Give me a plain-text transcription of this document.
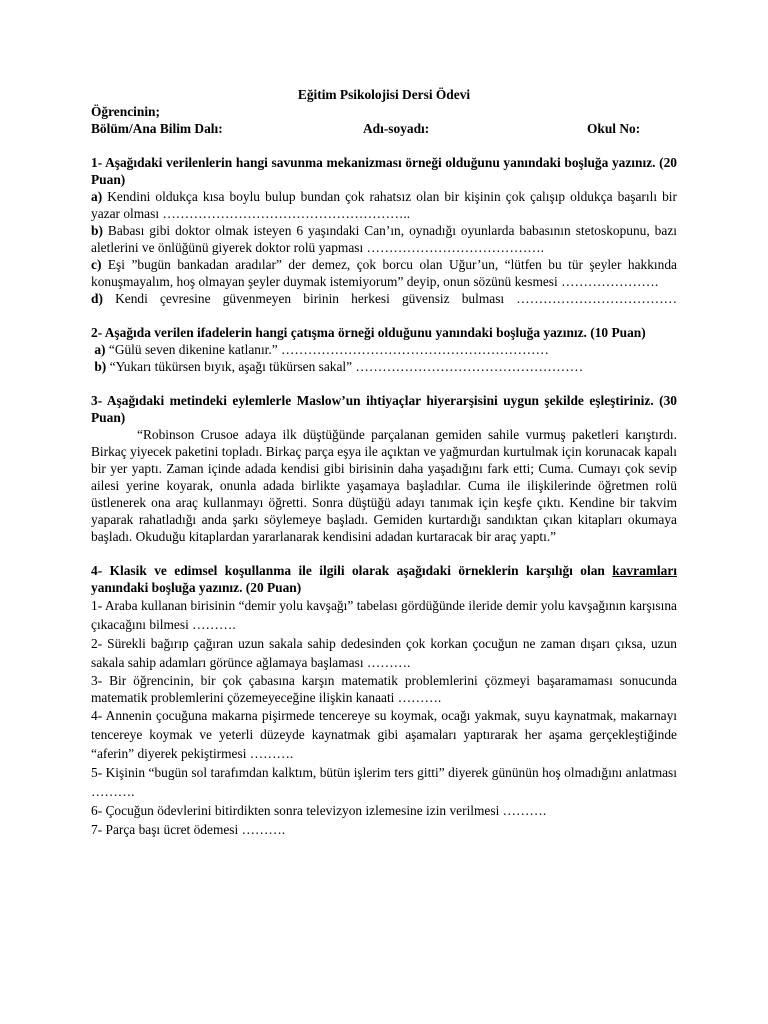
Eğitim Psikolojisi Dersi Ödevi

Öğrencinin;

Bölüm/Ana Bilim Dalı:	Adı-soyadı:	Okul No:

1- Aşağıdaki verilenlerin hangi savunma mekanizması örneği olduğunu yanındaki boşluğa yazınız. (20 Puan)

a) Kendini oldukça kısa boylu bulup bundan çok rahatsız olan bir kişinin çok çalışıp oldukça başarılı bir yazar olması ………………………………………………..

b) Babası gibi doktor olmak isteyen 6 yaşındaki Can’ın, oynadığı oyunlarda babasının stetoskopunu, bazı aletlerini ve önlüğünü giyerek doktor rolü yapması ………………………………….

c) Eşi ”bugün bankadan aradılar” der demez, çok borcu olan Uğur’un, “lütfen bu tür şeyler hakkında konuşmayalım, hoş olmayan şeyler duymak istemiyorum” deyip, onun sözünü kesmesi ………………….

d) Kendi çevresine güvenmeyen birinin herkesi güvensiz bulması ………………………………

2- Aşağıda verilen ifadelerin hangi çatışma örneği olduğunu yanındaki boşluğa yazınız. (10 Puan)

a) “Gülü seven dikenine katlanır.” ……………………………………………………

b) “Yukarı tükürsen bıyık, aşağı tükürsen sakal” ……………………………………………

3- Aşağıdaki metindeki eylemlerle Maslow’un ihtiyaçlar hiyerarşisini uygun şekilde eşleştiriniz. (30 Puan)

“Robinson Crusoe adaya ilk düştüğünde parçalanan gemiden sahile vurmuş paketleri karıştırdı. Birkaç yiyecek paketini topladı. Birkaç parça eşya ile açıktan ve yağmurdan kurtulmak için korunacak kapalı bir yer yaptı. Zaman içinde adada kendisi gibi birisinin daha yaşadığını fark etti; Cuma. Cumayı çok sevip ailesi yerine koyarak, onunla adada birlikte yaşamaya başladılar. Cuma ile ilişkilerinde öğretmen rolü üstlenerek ona araç kullanmayı öğretti. Sonra düştüğü adayı tanımak için keşfe çıktı. Kendine bir takvim yaparak rahatladığı anda şarkı söylemeye başladı. Gemiden kurtardığı sandıktan çıkan kitapları okumaya başladı. Okuduğu kitaplardan yararlanarak kendisini adadan kurtaracak bir araç yaptı.”

4- Klasik ve edimsel koşullanma ile ilgili olarak aşağıdaki örneklerin karşılığı olan kavramları yanındaki boşluğa yazınız. (20 Puan)

1- Araba kullanan birisinin “demir yolu kavşağı” tabelası gördüğünde ileride demir yolu kavşağının karşısına çıkacağını bilmesi ……….

2- Sürekli bağırıp çağıran uzun sakala sahip dedesinden çok korkan çocuğun ne zaman dışarı çıksa, uzun sakala sahip adamları görünce ağlamaya başlaması ……….

3- Bir öğrencinin, bir çok çabasına karşın matematik problemlerini çözmeyi başaramaması sonucunda matematik problemlerini çözemeyeceğine ilişkin kanaati ……….

4- Annenin çocuğuna makarna pişirmede tencereye su koymak, ocağı yakmak, suyu kaynatmak, makarnayı tencereye koymak ve yeterli düzeyde kaynatmak gibi aşamaları yaptırarak her aşama gerçekleştiğinde “aferin” diyerek pekiştirmesi ……….

5- Kişinin “bugün sol tarafımdan kalktım, bütün işlerim ters gitti” diyerek gününün hoş olmadığını anlatması ……….

6- Çocuğun ödevlerini bitirdikten sonra televizyon izlemesine izin verilmesi ……….

7- Parça başı ücret ödemesi ……….
